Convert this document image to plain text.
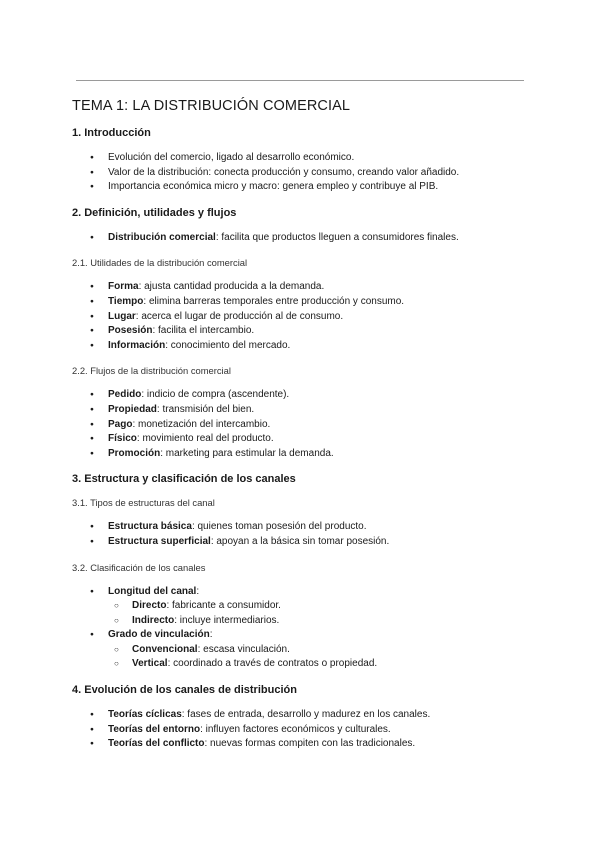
TEMA 1: LA DISTRIBUCIÓN COMERCIAL
1. Introducción
● Evolución del comercio, ligado al desarrollo económico.
● Valor de la distribución: conecta producción y consumo, creando valor añadido.
● Importancia económica micro y macro: genera empleo y contribuye al PIB.
2. Definición, utilidades y flujos
● Distribución comercial: facilita que productos lleguen a consumidores finales.
2.1. Utilidades de la distribución comercial
● Forma: ajusta cantidad producida a la demanda.
● Tiempo: elimina barreras temporales entre producción y consumo.
● Lugar: acerca el lugar de producción al de consumo.
● Posesión: facilita el intercambio.
● Información: conocimiento del mercado.
2.2. Flujos de la distribución comercial
● Pedido: indicio de compra (ascendente).
● Propiedad: transmisión del bien.
● Pago: monetización del intercambio.
● Físico: movimiento real del producto.
● Promoción: marketing para estimular la demanda.
3. Estructura y clasificación de los canales
3.1. Tipos de estructuras del canal
● Estructura básica: quienes toman posesión del producto.
● Estructura superficial: apoyan a la básica sin tomar posesión.
3.2. Clasificación de los canales
● Longitud del canal:
○ Directo: fabricante a consumidor.
○ Indirecto: incluye intermediarios.
● Grado de vinculación:
○ Convencional: escasa vinculación.
○ Vertical: coordinado a través de contratos o propiedad.
4. Evolución de los canales de distribución
● Teorías cíclicas: fases de entrada, desarrollo y madurez en los canales.
● Teorías del entorno: influyen factores económicos y culturales.
● Teorías del conflicto: nuevas formas compiten con las tradicionales.
